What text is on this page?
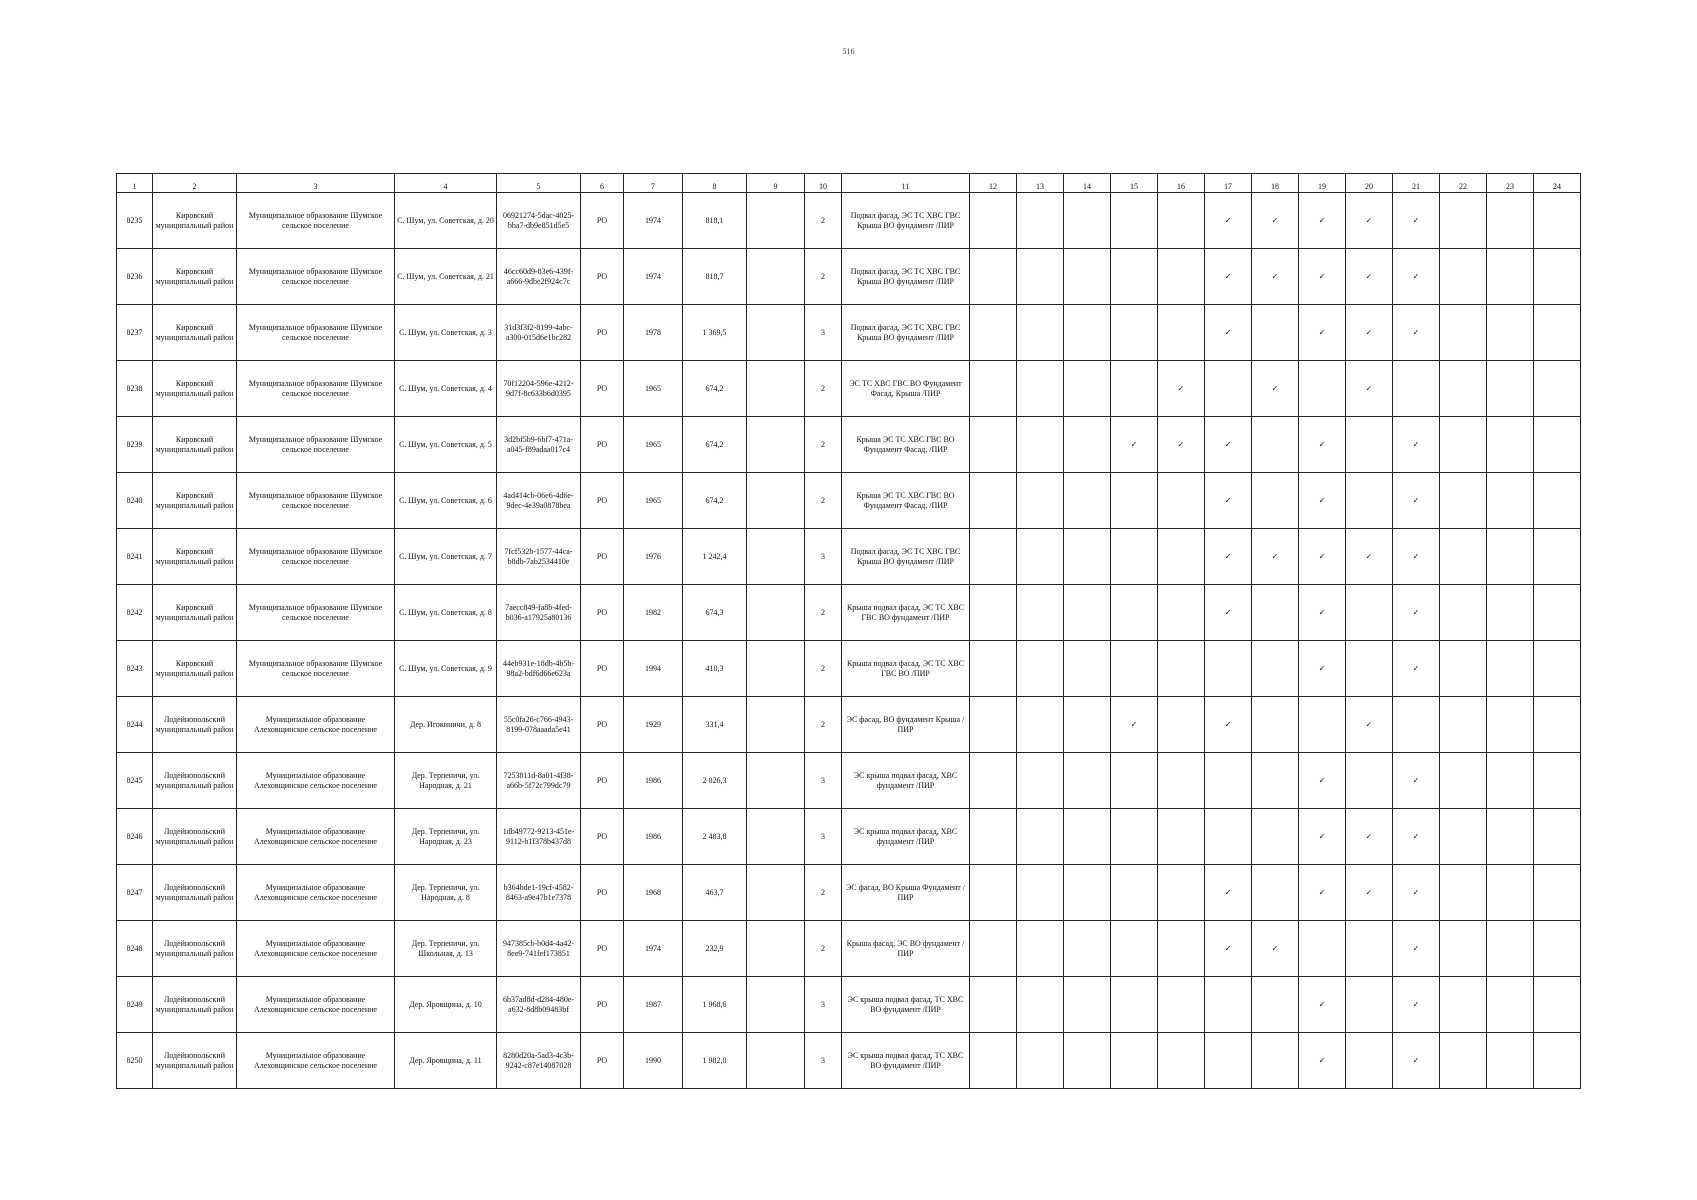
516
1	2	3	4	5	6	7	8	9	10	11	12	13	14	15	16	17	18	19	20	21	22	23	24
8235	Кировский муниципальный район	Муниципальное образование Шумское сельское поселение	С. Шум, ул. Советская, д. 20	06921274-5dac-4025-bba7-db9e851d5e5	РО	1974	818,1		2	Подвал фасад, ЭС ТС ХВС ГВС Крыша ВО фундамент /ПИР						✓	✓	✓	✓	✓			
8236	Кировский муниципальный район	Муниципальное образование Шумское сельское поселение	С. Шум, ул. Советская, д. 21	46cc60d9-83e6-439f-a666-9dbe2f924c7c	РО	1974	818,7		2	Подвал фасад, ЭС ТС ХВС ГВС Крыша ВО фундамент /ПИР						✓	✓	✓	✓	✓			
8237	Кировский муниципальный район	Муниципальное образование Шумское сельское поселение	С. Шум, ул. Советская, д. 3	31d3f3f2-8199-4abc-a300-015d6e1bc282	РО	1978	1 369,5		3	Подвал фасад, ЭС ТС ХВС ГВС Крыша ВО фундамент /ПИР						✓		✓	✓	✓			
8238	Кировский муниципальный район	Муниципальное образование Шумское сельское поселение	С. Шум, ул. Советская, д. 4	70f12204-596e-4212-9d7f-8c633b6d0395	РО	1965	674,2		2	ЭС ТС ХВС ГВС ВО Фундамент Фасад, Крыша /ПИР					✓		✓		✓				
8239	Кировский муниципальный район	Муниципальное образование Шумское сельское поселение	С. Шум, ул. Советская, д. 5	3d2bf5b9-6bf7-471a-a045-f89adaa017c4	РО	1965	674,2		2	Крыша ЭС ТС ХВС ГВС ВО Фундамент Фасад, /ПИР				✓	✓	✓		✓		✓			
8240	Кировский муниципальный район	Муниципальное образование Шумское сельское поселение	С. Шум, ул. Советская, д. 6	4ad414cb-06e6-4d6e-9dec-4e39a0878bea	РО	1965	674,2		2	Крыша ЭС ТС ХВС ГВС ВО Фундамент Фасад, /ПИР						✓		✓		✓			
8241	Кировский муниципальный район	Муниципальное образование Шумское сельское поселение	С. Шум, ул. Советская, д. 7	7fcf532b-1577-44ca-b8db-7ab2534410e	РО	1976	1 242,4		3	Подвал фасад, ЭС ТС ХВС ГВС Крыша ВО фундамент /ПИР						✓	✓	✓	✓	✓			
8242	Кировский муниципальный район	Муниципальное образование Шумское сельское поселение	С. Шум, ул. Советская, д. 8	7aecc849-fa8b-4fed-b036-a17925a80136	РО	1982	674,3		2	Крыша подвал фасад, ЭС ТС ХВС ГВС ВО фундамент /ПИР						✓		✓		✓			
8243	Кировский муниципальный район	Муниципальное образование Шумское сельское поселение	С. Шум, ул. Советская, д. 9	44eb931e-18db-4b5b-98a2-bdf6d66e623a	РО	1994	410,3		2	Крыша подвал фасад, ЭС ТС ХВС ГВС ВО /ПИР								✓		✓			
8244	Лодейнопольский муниципальный район	Муниципальное образование Алеховщинское сельское поселение	Дер. Игокиничи, д. 8	55c0fa26-c766-4943-8199-078aaada5e41	РО	1929	331,4		2	ЭС фасад, ВО фундамент Крыша /ПИР				✓		✓			✓				
8245	Лодейнопольский муниципальный район	Муниципальное образование Алеховщинское сельское поселение	Дер. Терпеничи, ул. Народная, д. 21	7253811d-8a01-4f38-a66b-5f72c799dc79	РО	1986	2 026,3		3	ЭС крыша подвал фасад, ХВС фундамент /ПИР								✓		✓			
8246	Лодейнопольский муниципальный район	Муниципальное образование Алеховщинское сельское поселение	Дер. Терпеничи, ул. Народная, д. 23	1db49772-9213-451e-9112-b1f378b437d8	РО	1986	2 483,8		3	ЭС крыша подвал фасад, ХВС фундамент /ПИР								✓	✓	✓			
8247	Лодейнопольский муниципальный район	Муниципальное образование Алеховщинское сельское поселение	Дер. Терпеничи, ул. Народная, д. 8	b364bde1-19cf-4582-8463-a9e47b1e7378	РО	1968	463,7		2	ЭС фасад, ВО Крыша Фундамент /ПИР						✓		✓	✓	✓			
8248	Лодейнопольский муниципальный район	Муниципальное образование Алеховщинское сельское поселение	Дер. Терпеничи, ул. Школьная, д. 13	947385cb-b0d4-4a42-8ee9-741fef173851	РО	1974	232,9		2	Крыша фасад, ЭС ВО фундамент /ПИР						✓	✓			✓			
8249	Лодейнопольский муниципальный район	Муниципальное образование Алеховщинское сельское поселение	Дер. Яровщина, д. 10	6b37ad8d-d284-480e-a632-8d8b09483bf	РО	1987	1 968,6		3	ЭС крыша подвал фасад, ТС ХВС ВО фундамент /ПИР								✓		✓			
8250	Лодейнопольский муниципальный район	Муниципальное образование Алеховщинское сельское поселение	Дер. Яровщина, д. 11	8280d20a-5ad3-4c3b-9242-c87e14087028	РО	1990	1 982,0		3	ЭС крыша подвал фасад, ТС ХВС ВО фундамент /ПИР								✓		✓			
